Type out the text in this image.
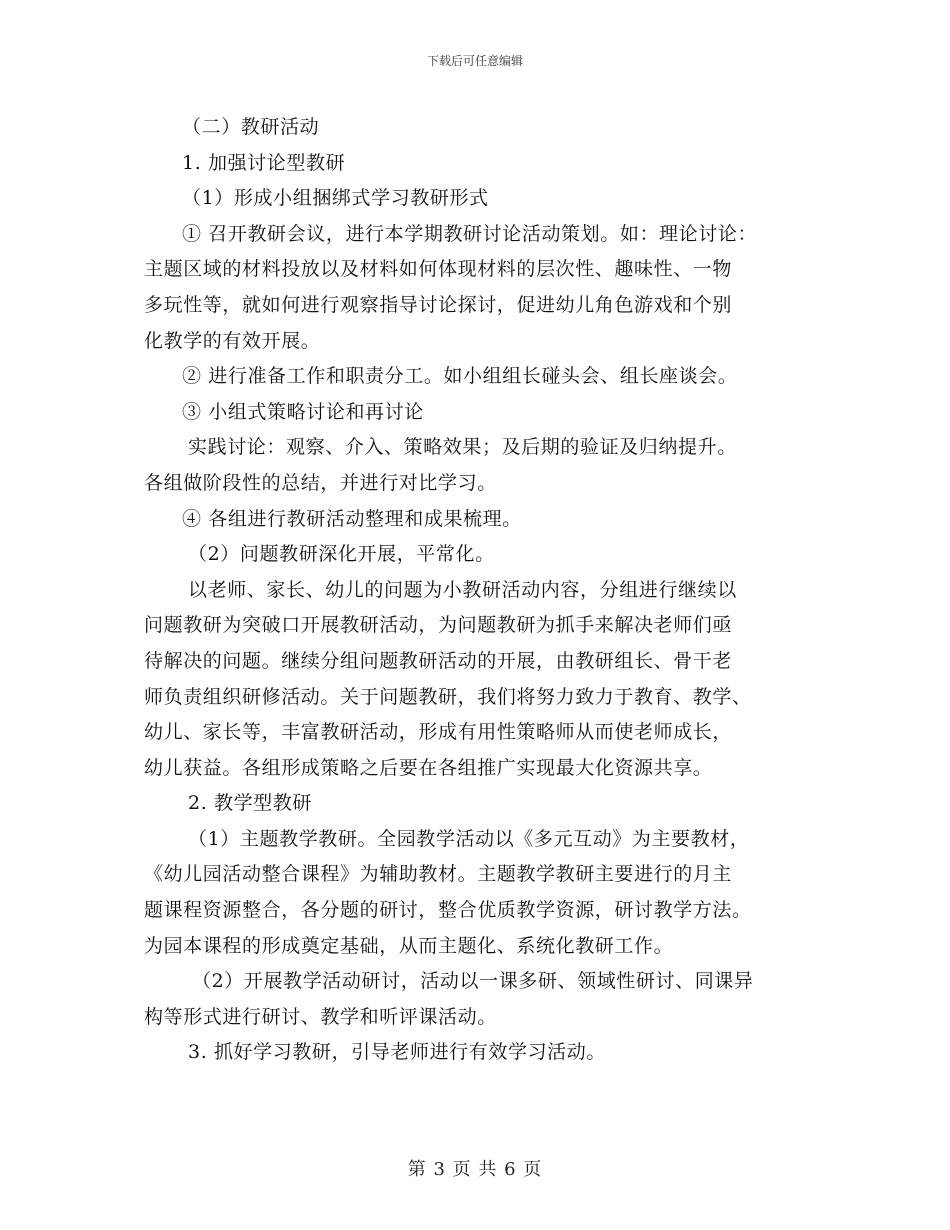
下载后可任意编辑
（二）教研活动
1. 加强讨论型教研
（1）形成小组捆绑式学习教研形式
① 召开教研会议，进行本学期教研讨论活动策划。如：理论讨论：
主题区域的材料投放以及材料如何体现材料的层次性、趣味性、一物
多玩性等，就如何进行观察指导讨论探讨，促进幼儿角色游戏和个别
化教学的有效开展。
② 进行准备工作和职责分工。如小组组长碰头会、组长座谈会。
③ 小组式策略讨论和再讨论
实践讨论：观察、介入、策略效果；及后期的验证及归纳提升。
各组做阶段性的总结，并进行对比学习。
④ 各组进行教研活动整理和成果梳理。
（2）问题教研深化开展，平常化。
以老师、家长、幼儿的问题为小教研活动内容，分组进行继续以
问题教研为突破口开展教研活动，为问题教研为抓手来解决老师们亟
待解决的问题。继续分组问题教研活动的开展，由教研组长、骨干老
师负责组织研修活动。关于问题教研，我们将努力致力于教育、教学、
幼儿、家长等，丰富教研活动，形成有用性策略师从而使老师成长，
幼儿获益。各组形成策略之后要在各组推广实现最大化资源共享。
2. 教学型教研
（1）主题教学教研。全园教学活动以《多元互动》为主要教材，
《幼儿园活动整合课程》为辅助教材。主题教学教研主要进行的月主
题课程资源整合，各分题的研讨，整合优质教学资源，研讨教学方法。
为园本课程的形成奠定基础，从而主题化、系统化教研工作。
（2）开展教学活动研讨，活动以一课多研、领域性研讨、同课异
构等形式进行研讨、教学和听评课活动。
3. 抓好学习教研，引导老师进行有效学习活动。
第 3 页 共 6 页
